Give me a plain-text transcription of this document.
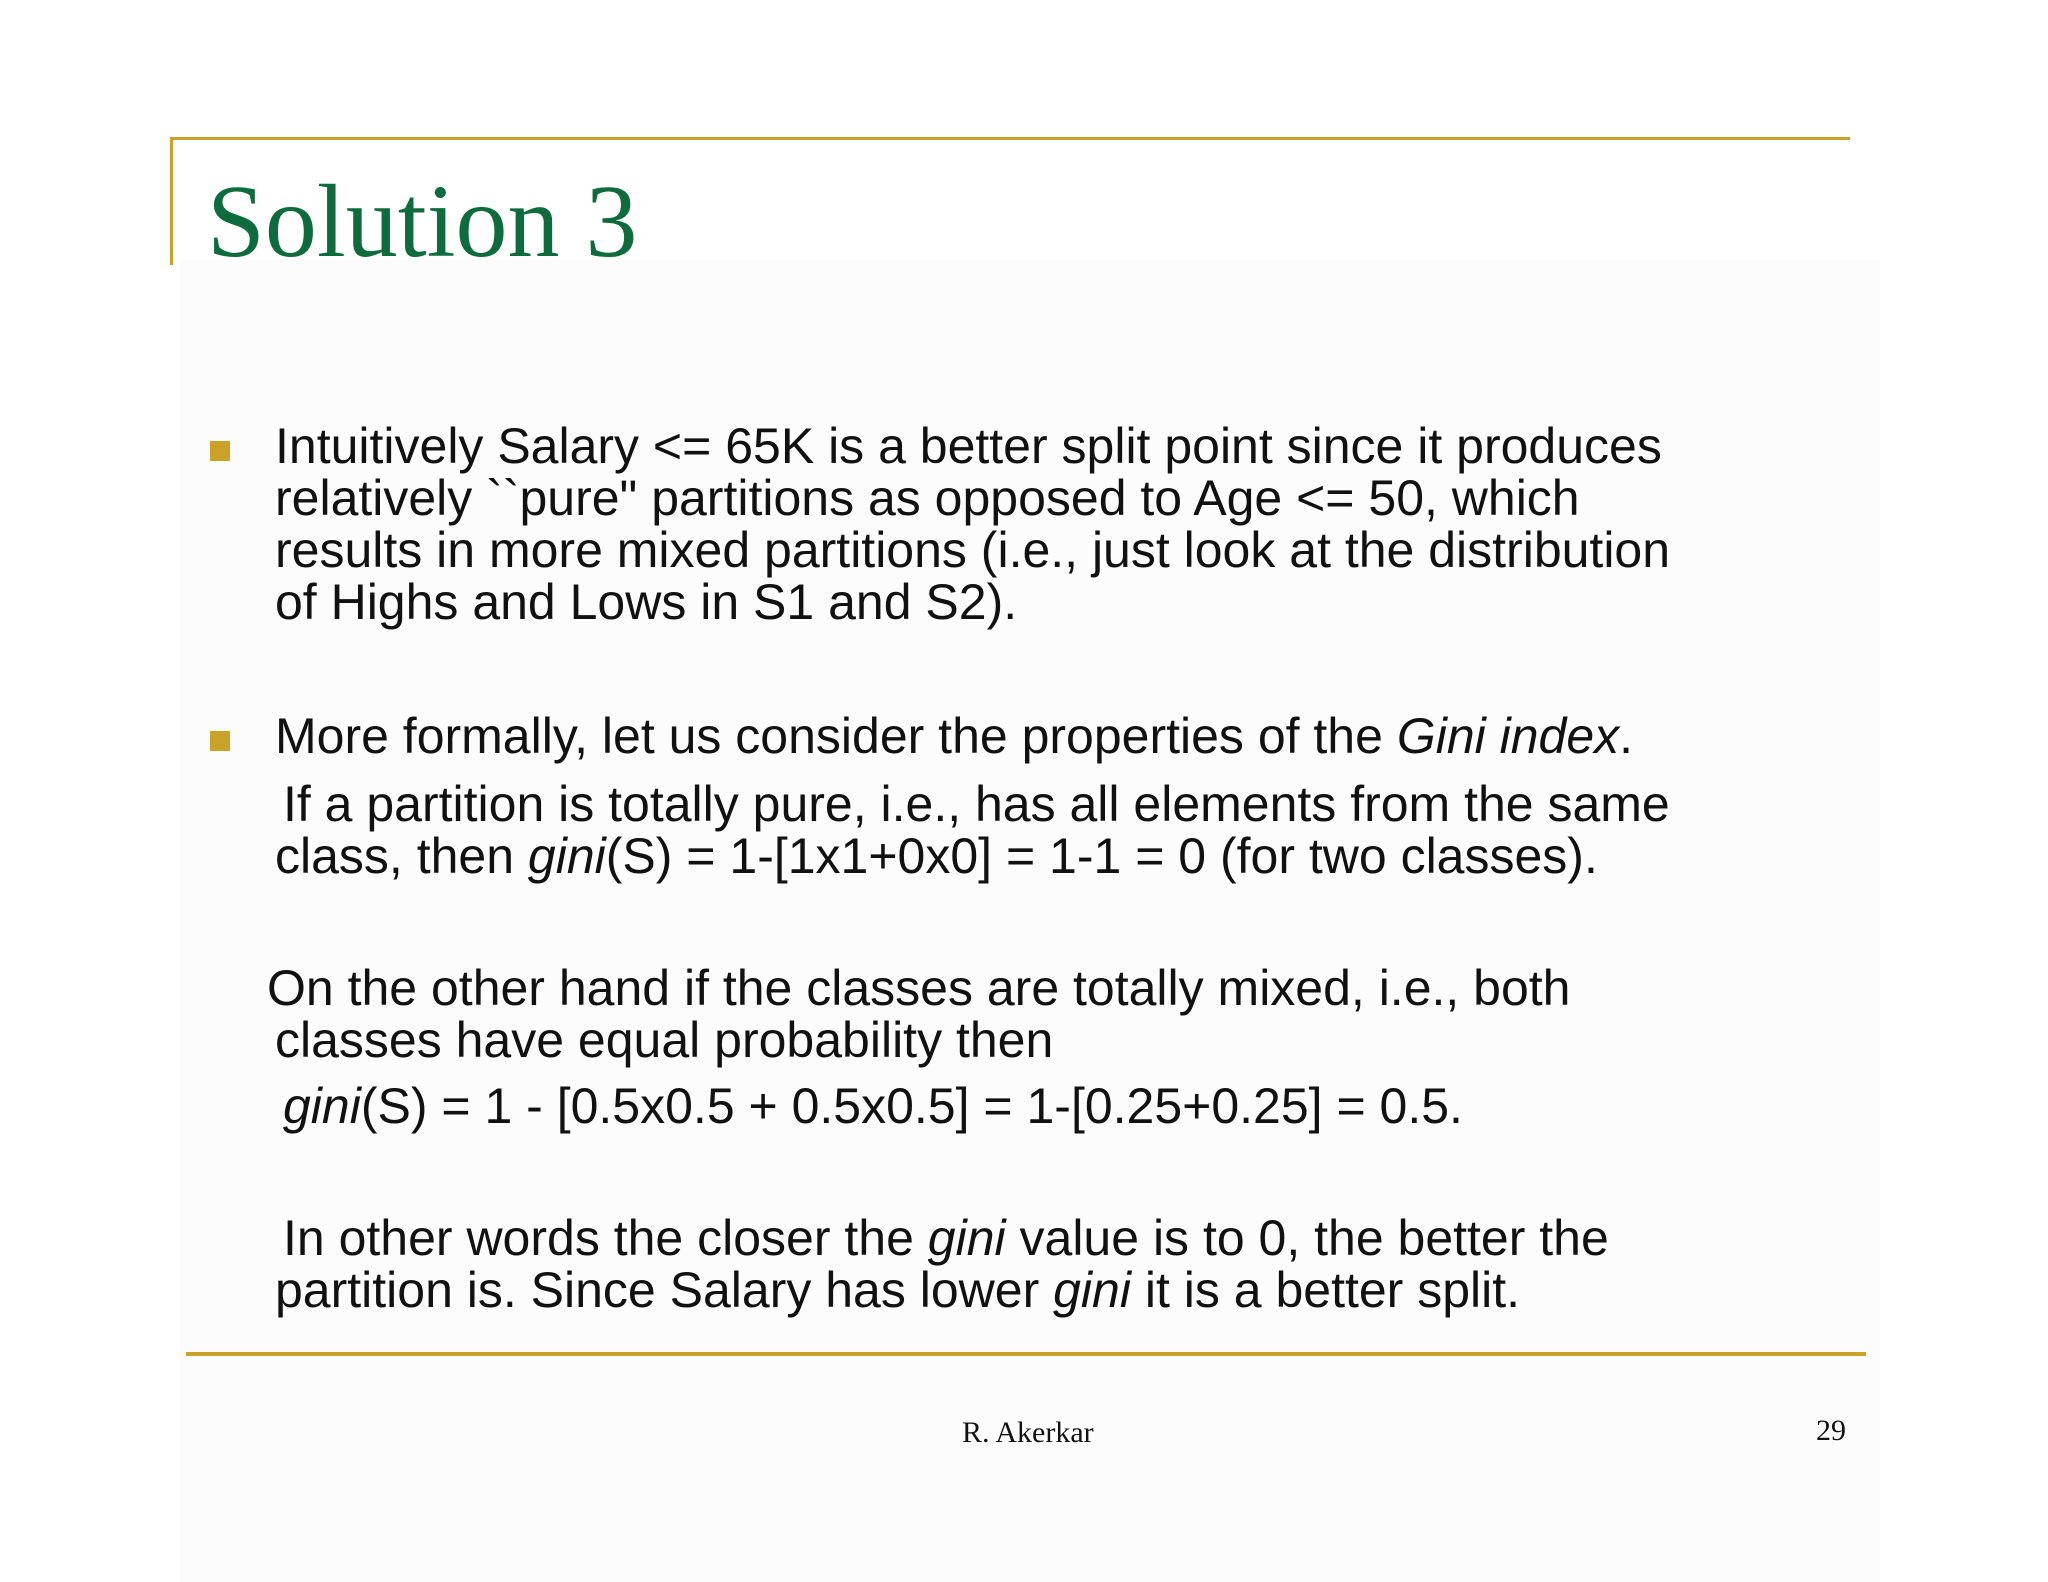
Solution 3
Intuitively Salary <= 65K is a better split point since it produces
relatively ``pure" partitions as opposed to Age <= 50, which
results in more mixed partitions (i.e., just look at the distribution
of Highs and Lows in S1 and S2).
More formally, let us consider the properties of the Gini index.
If a partition is totally pure, i.e., has all elements from the same
class, then gini(S) = 1-[1x1+0x0] = 1-1 = 0 (for two classes).
On the other hand if the classes are totally mixed, i.e., both
classes have equal probability then
gini(S) = 1 - [0.5x0.5 + 0.5x0.5] = 1-[0.25+0.25] = 0.5.
In other words the closer the gini value is to 0, the better the
partition is. Since Salary has lower gini it is a better split.
R. Akerkar	29
